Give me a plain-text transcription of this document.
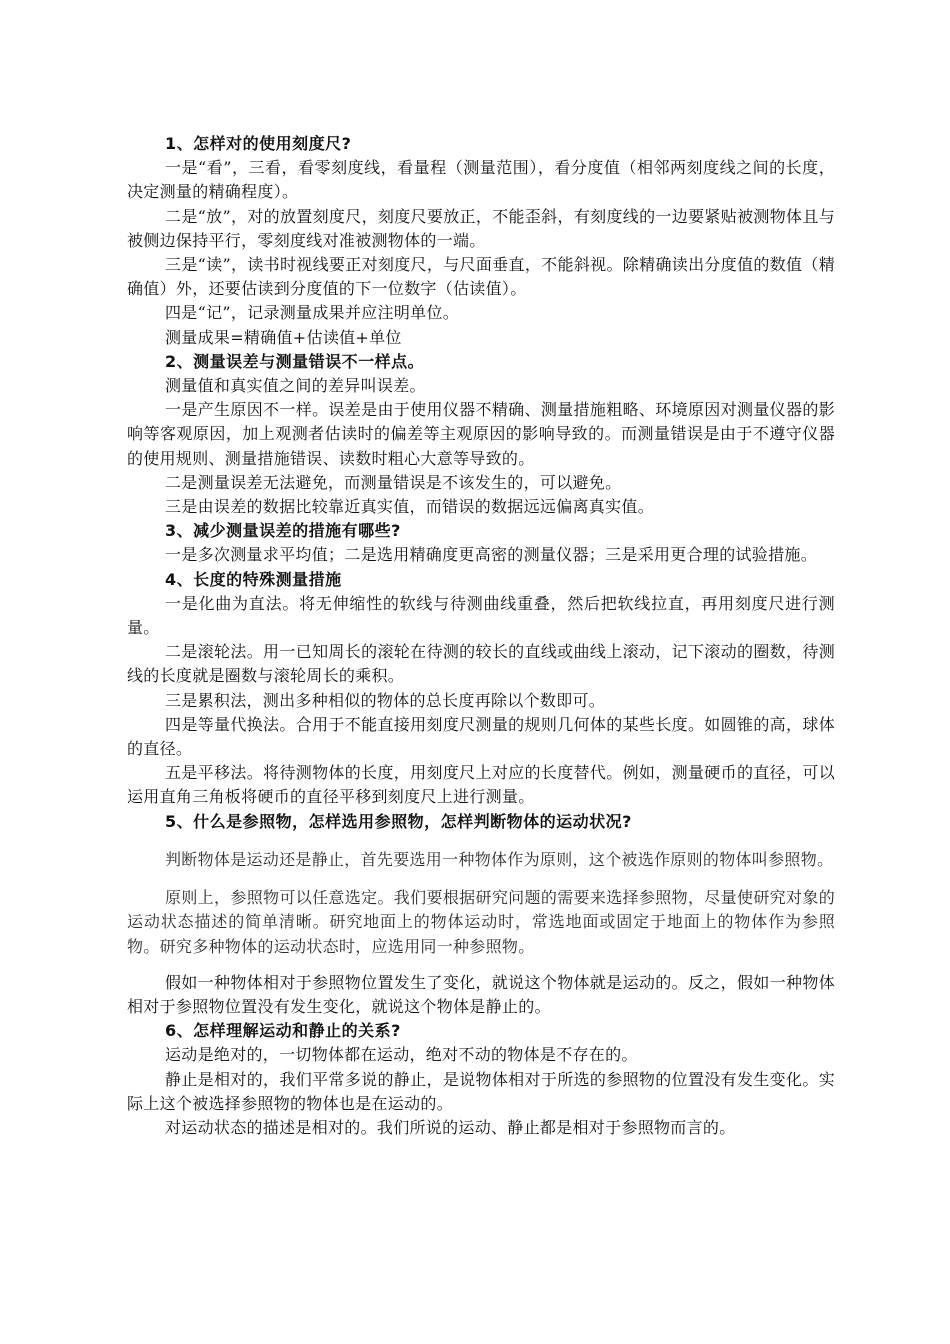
1、怎样对的使用刻度尺?

一是“看”，三看，看零刻度线，看量程（测量范围），看分度值（相邻两刻度线之间的长度，决定测量的精确程度）。

二是“放”，对的放置刻度尺，刻度尺要放正，不能歪斜，有刻度线的一边要紧贴被测物体且与被侧边保持平行，零刻度线对准被测物体的一端。

三是“读”，读书时视线要正对刻度尺，与尺面垂直，不能斜视。除精确读出分度值的数值（精确值）外，还要估读到分度值的下一位数字（估读值）。

四是“记”，记录测量成果并应注明单位。

测量成果=精确值+估读值+单位

2、测量误差与测量错误不一样点。

测量值和真实值之间的差异叫误差。

一是产生原因不一样。误差是由于使用仪器不精确、测量措施粗略、环境原因对测量仪器的影响等客观原因，加上观测者估读时的偏差等主观原因的影响导致的。而测量错误是由于不遵守仪器的使用规则、测量措施错误、读数时粗心大意等导致的。

二是测量误差无法避免，而测量错误是不该发生的，可以避免。

三是由误差的数据比较靠近真实值，而错误的数据远远偏离真实值。

3、减少测量误差的措施有哪些?

一是多次测量求平均值；二是选用精确度更高密的测量仪器；三是采用更合理的试验措施。

4、长度的特殊测量措施

一是化曲为直法。将无伸缩性的软线与待测曲线重叠，然后把软线拉直，再用刻度尺进行测量。

二是滚轮法。用一已知周长的滚轮在待测的较长的直线或曲线上滚动，记下滚动的圈数，待测线的长度就是圈数与滚轮周长的乘积。

三是累积法，测出多种相似的物体的总长度再除以个数即可。

四是等量代换法。合用于不能直接用刻度尺测量的规则几何体的某些长度。如圆锥的高，球体的直径。

五是平移法。将待测物体的长度，用刻度尺上对应的长度替代。例如，测量硬币的直径，可以运用直角三角板将硬币的直径平移到刻度尺上进行测量。

5、什么是参照物，怎样选用参照物，怎样判断物体的运动状况?

判断物体是运动还是静止，首先要选用一种物体作为原则，这个被选作原则的物体叫参照物。

原则上，参照物可以任意选定。我们要根据研究问题的需要来选择参照物，尽量使研究对象的运动状态描述的简单清晰。研究地面上的物体运动时，常选地面或固定于地面上的物体作为参照物。研究多种物体的运动状态时，应选用同一种参照物。

假如一种物体相对于参照物位置发生了变化，就说这个物体就是运动的。反之，假如一种物体相对于参照物位置没有发生变化，就说这个物体是静止的。

6、怎样理解运动和静止的关系?

运动是绝对的，一切物体都在运动，绝对不动的物体是不存在的。

静止是相对的，我们平常多说的静止，是说物体相对于所选的参照物的位置没有发生变化。实际上这个被选择参照物的物体也是在运动的。

对运动状态的描述是相对的。我们所说的运动、静止都是相对于参照物而言的。
